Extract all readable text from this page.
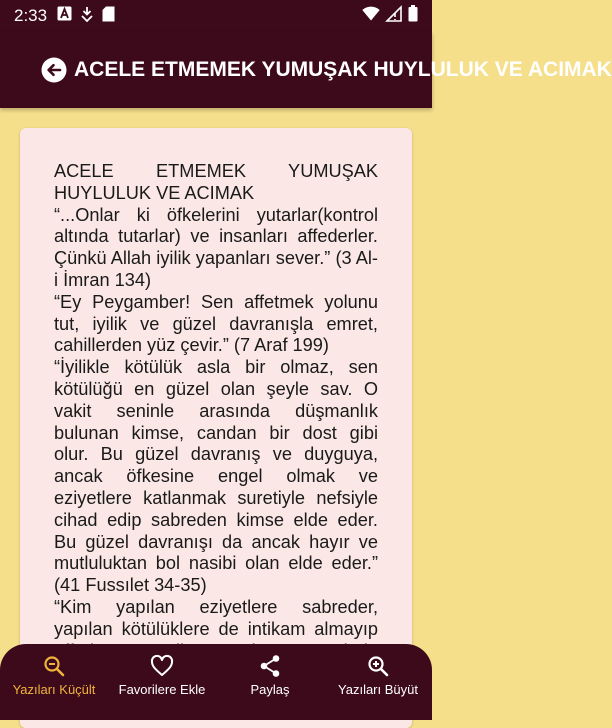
2:33
ACELE ETMEMEK YUMUŞAK HUYLULUK VE ACIMAK

ACELE ETMEMEK YUMUŞAK HUYLULUK VE ACIMAK

“...Onlar ki öfkelerini yutarlar(kontrol altında tutarlar) ve insanları affederler. Çünkü Allah iyilik yapanları sever.” (3 Al-i İmran 134)

“Ey Peygamber! Sen affetmek yolunu tut, iyilik ve güzel davranışla emret, cahillerden yüz çevir.” (7 Araf 199)

“İyilikle kötülük asla bir olmaz, sen kötülüğü en güzel olan şeyle sav. O vakit seninle arasında düşmanlık bulunan kimse, candan bir dost gibi olur. Bu güzel davranış ve duyguya, ancak öfkesine engel olmak ve eziyetlere katlanmak suretiyle nefsiyle cihad edip sabreden kimse elde eder. Bu güzel davranışı da ancak hayır ve mutluluktan bol nasibi olan elde eder.” (41 Fussılet 34-35)

“Kim yapılan eziyetlere sabreder, yapılan kötülüklere de intikam almayıp

Yazıları Küçült Favorilere Ekle	Paylaş	Yazıları Büyüt
